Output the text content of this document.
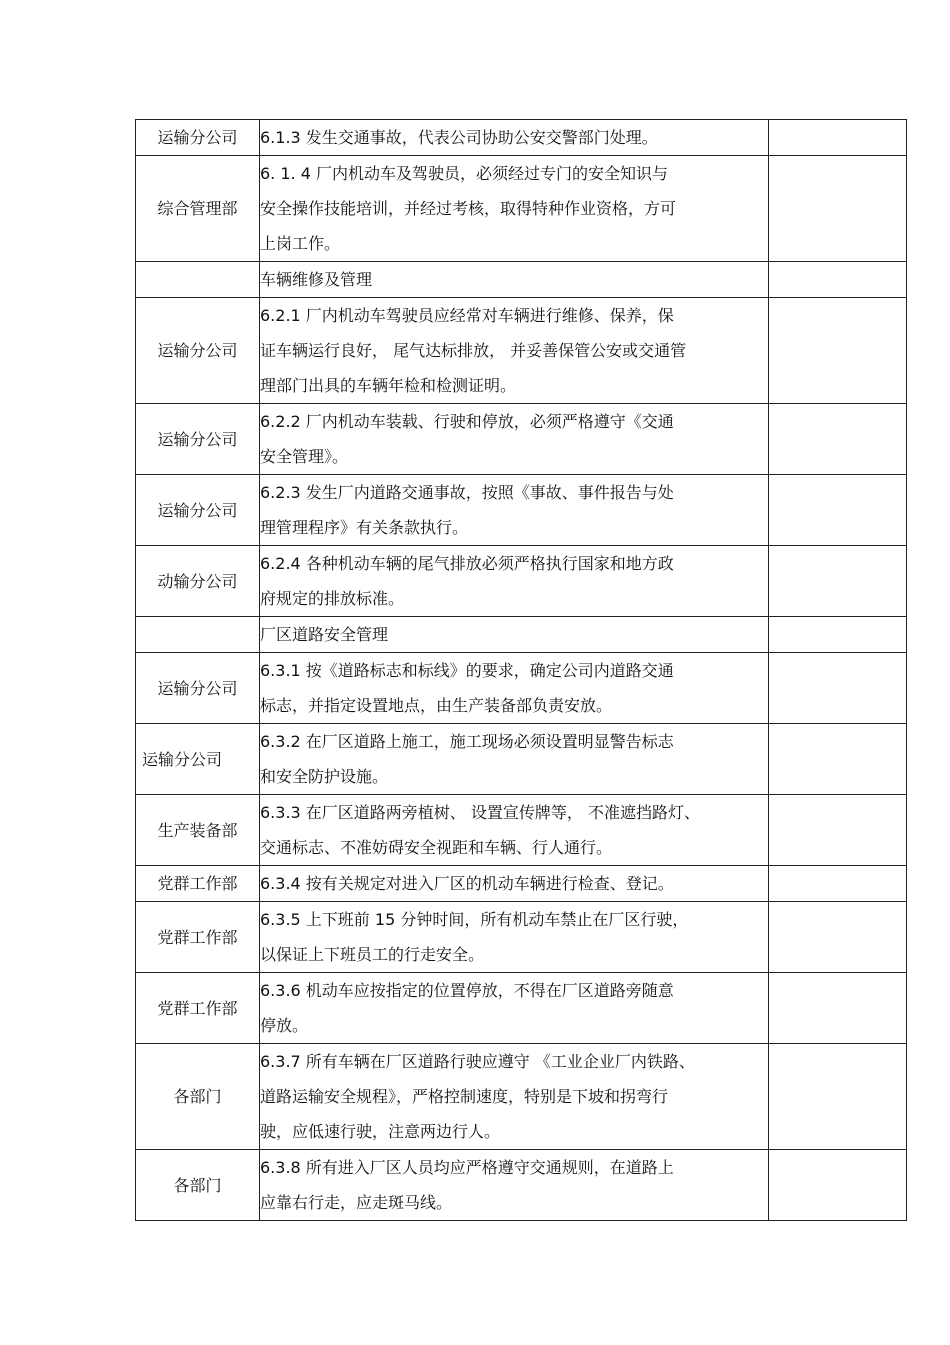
运输分公司	6.1.3 发生交通事故，代表公司协助公安交警部门处理。	

综合管理部	6. 1. 4 厂内机动车及驾驶员，必须经过专门的安全知识与
安全操作技能培训，并经过考核，取得特种作业资格，方可
上岗工作。	

	车辆维修及管理	

运输分公司	6.2.1 厂内机动车驾驶员应经常对车辆进行维修、保养，保
证车辆运行良好， 尾气达标排放， 并妥善保管公安或交通管
理部门出具的车辆年检和检测证明。	

运输分公司	6.2.2 厂内机动车装载、行驶和停放，必须严格遵守《交通
安全管理》。	

运输分公司	6.2.3 发生厂内道路交通事故，按照《事故、事件报告与处
理管理程序》有关条款执行。	

动输分公司	6.2.4 各种机动车辆的尾气排放必须严格执行国家和地方政
府规定的排放标准。	

	厂区道路安全管理	

运输分公司	6.3.1 按《道路标志和标线》的要求，确定公司内道路交通
标志，并指定设置地点，由生产装备部负责安放。	

运输分公司	6.3.2 在厂区道路上施工，施工现场必须设置明显警告标志
和安全防护设施。	

生产装备部	6.3.3 在厂区道路两旁植树、 设置宣传牌等， 不准遮挡路灯、
交通标志、不准妨碍安全视距和车辆、行人通行。	

党群工作部	6.3.4 按有关规定对进入厂区的机动车辆进行检查、登记。	

党群工作部	6.3.5 上下班前 15 分钟时间，所有机动车禁止在厂区行驶，
以保证上下班员工的行走安全。	

党群工作部	6.3.6 机动车应按指定的位置停放，不得在厂区道路旁随意
停放。	

各部门	6.3.7 所有车辆在厂区道路行驶应遵守 《工业企业厂内铁路、
道路运输安全规程》，严格控制速度，特别是下坡和拐弯行
驶，应低速行驶，注意两边行人。	

各部门	6.3.8 所有进入厂区人员均应严格遵守交通规则，在道路上
应靠右行走，应走斑马线。	
